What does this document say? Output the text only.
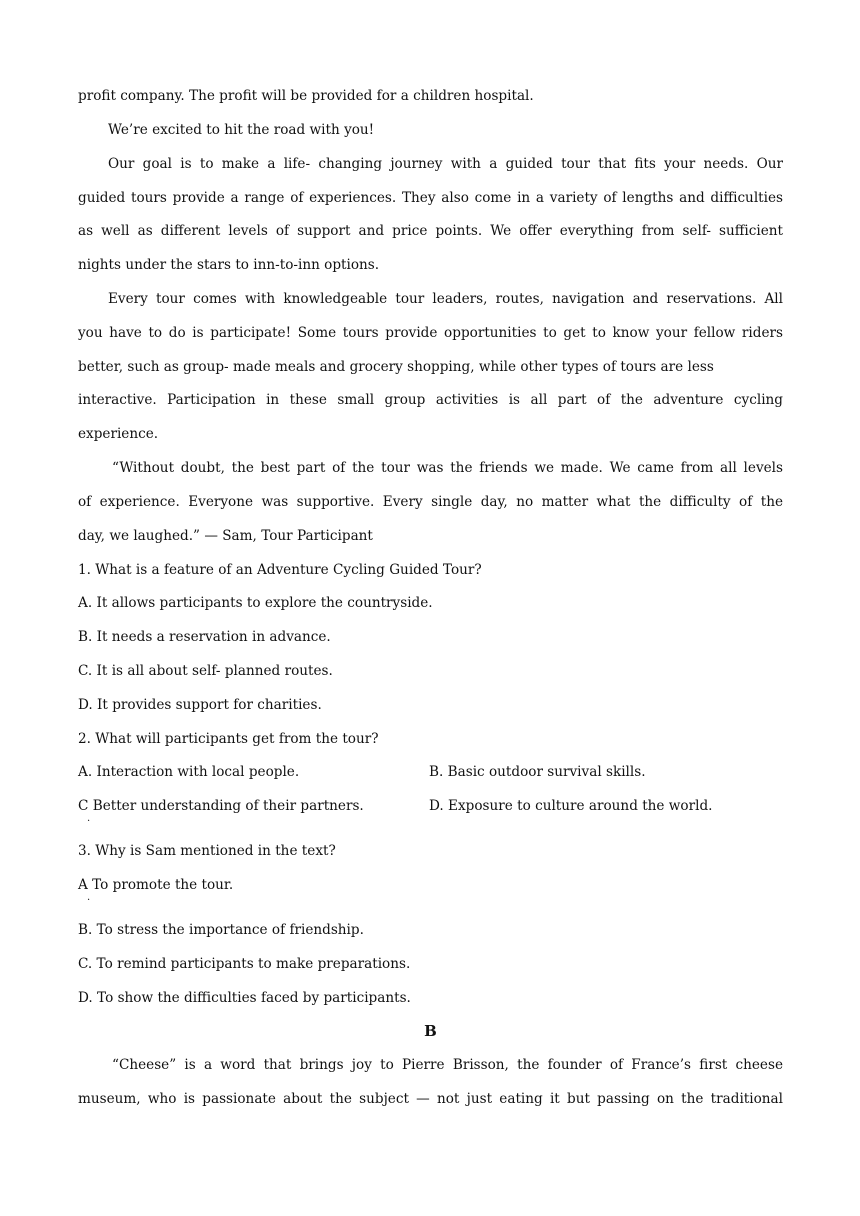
profit company. The profit will be provided for a children hospital.
We’re excited to hit the road with you!
Our goal is to make a life- changing journey with a guided tour that fits your needs. Our
guided tours provide a range of experiences. They also come in a variety of lengths and difficulties
as well as different levels of support and price points. We offer everything from self- sufficient
nights under the stars to inn-to-inn options.
Every tour comes with knowledgeable tour leaders, routes, navigation and reservations. All
you have to do is participate! Some tours provide opportunities to get to know your fellow riders
better, such as group- made meals and grocery shopping, while other types of tours are less
interactive. Participation in these small group activities is all part of the adventure cycling
experience.
“Without doubt, the best part of the tour was the friends we made. We came from all levels
of experience. Everyone was supportive. Every single day, no matter what the difficulty of the
day, we laughed.” — Sam, Tour Participant
1. What is a feature of an Adventure Cycling Guided Tour?
A. It allows participants to explore the countryside.
B. It needs a reservation in advance.
C. It is all about self- planned routes.
D. It provides support for charities.
2. What will participants get from the tour?
A. Interaction with local people.	B. Basic outdoor survival skills.
C Better understanding of their partners.	D. Exposure to culture around the world.
.
3. Why is Sam mentioned in the text?
A To promote the tour.
.
B. To stress the importance of friendship.
C. To remind participants to make preparations.
D. To show the difficulties faced by participants.
B
“Cheese” is a word that brings joy to Pierre Brisson, the founder of France’s first cheese
museum, who is passionate about the subject — not just eating it but passing on the traditional
